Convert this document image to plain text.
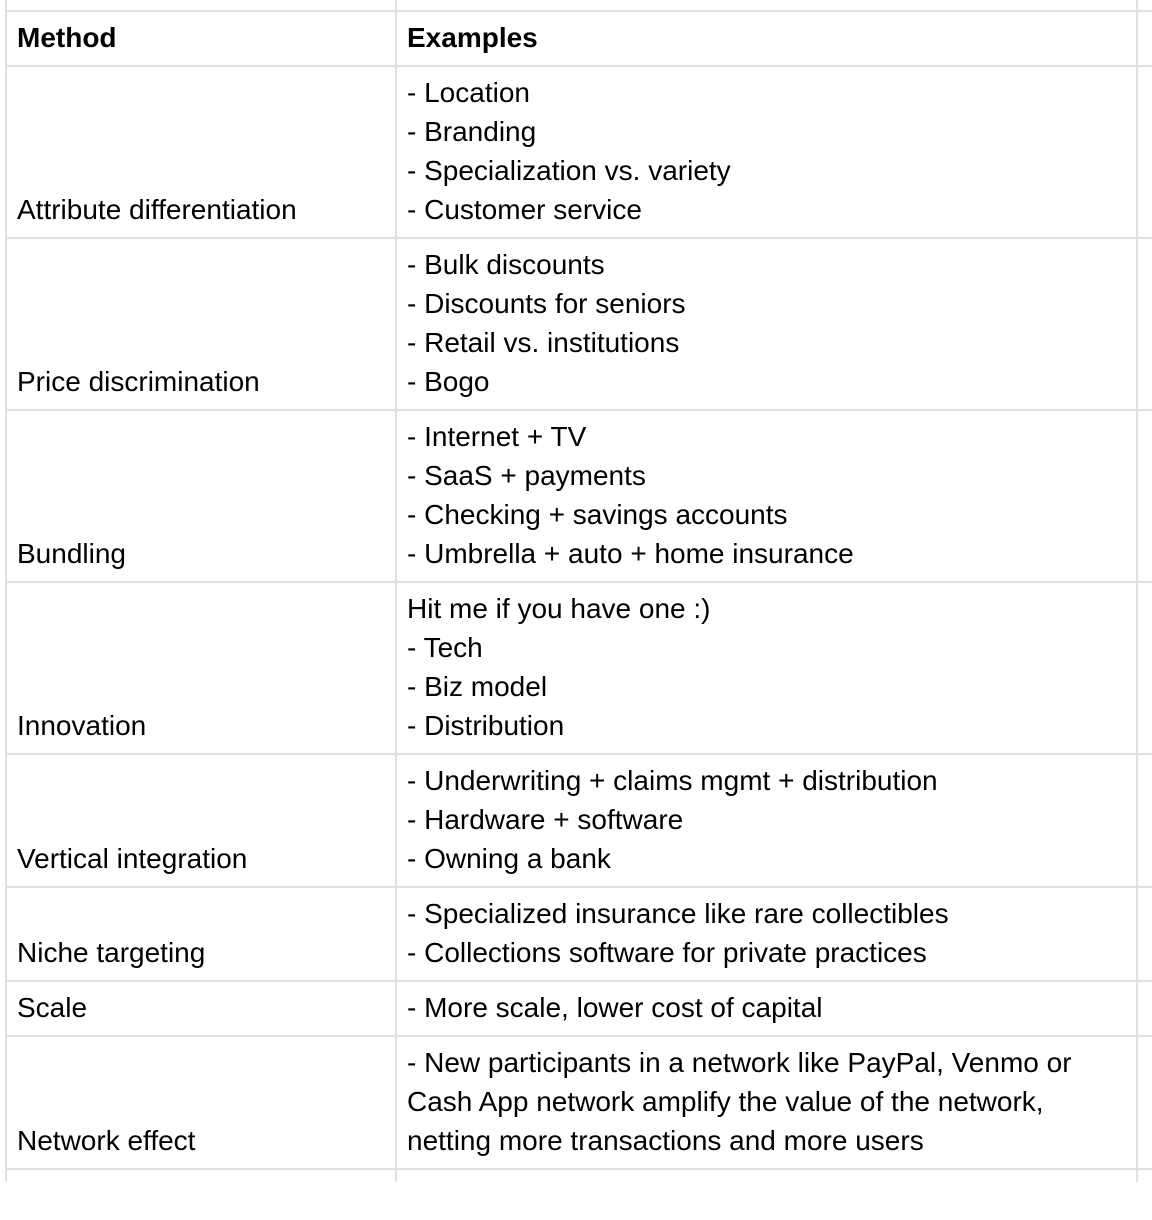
Method	Examples	
Attribute differentiation	- Location
- Branding
- Specialization vs. variety
- Customer service	

Price discrimination	- Bulk discounts
- Discounts for seniors
- Retail vs. institutions
- Bogo	

Bundling	- Internet + TV
- SaaS + payments
- Checking + savings accounts
- Umbrella + auto + home insurance	

Innovation	Hit me if you have one :)
- Tech
- Biz model
- Distribution	

Vertical integration	- Underwriting + claims mgmt + distribution
- Hardware + software
- Owning a bank	

Niche targeting	- Specialized insurance like rare collectibles
- Collections software for private practices	

Scale	- More scale, lower cost of capital	

Network effect	- New participants in a network like PayPal, Venmo or Cash App network amplify the value of the network, netting more transactions and more users	
